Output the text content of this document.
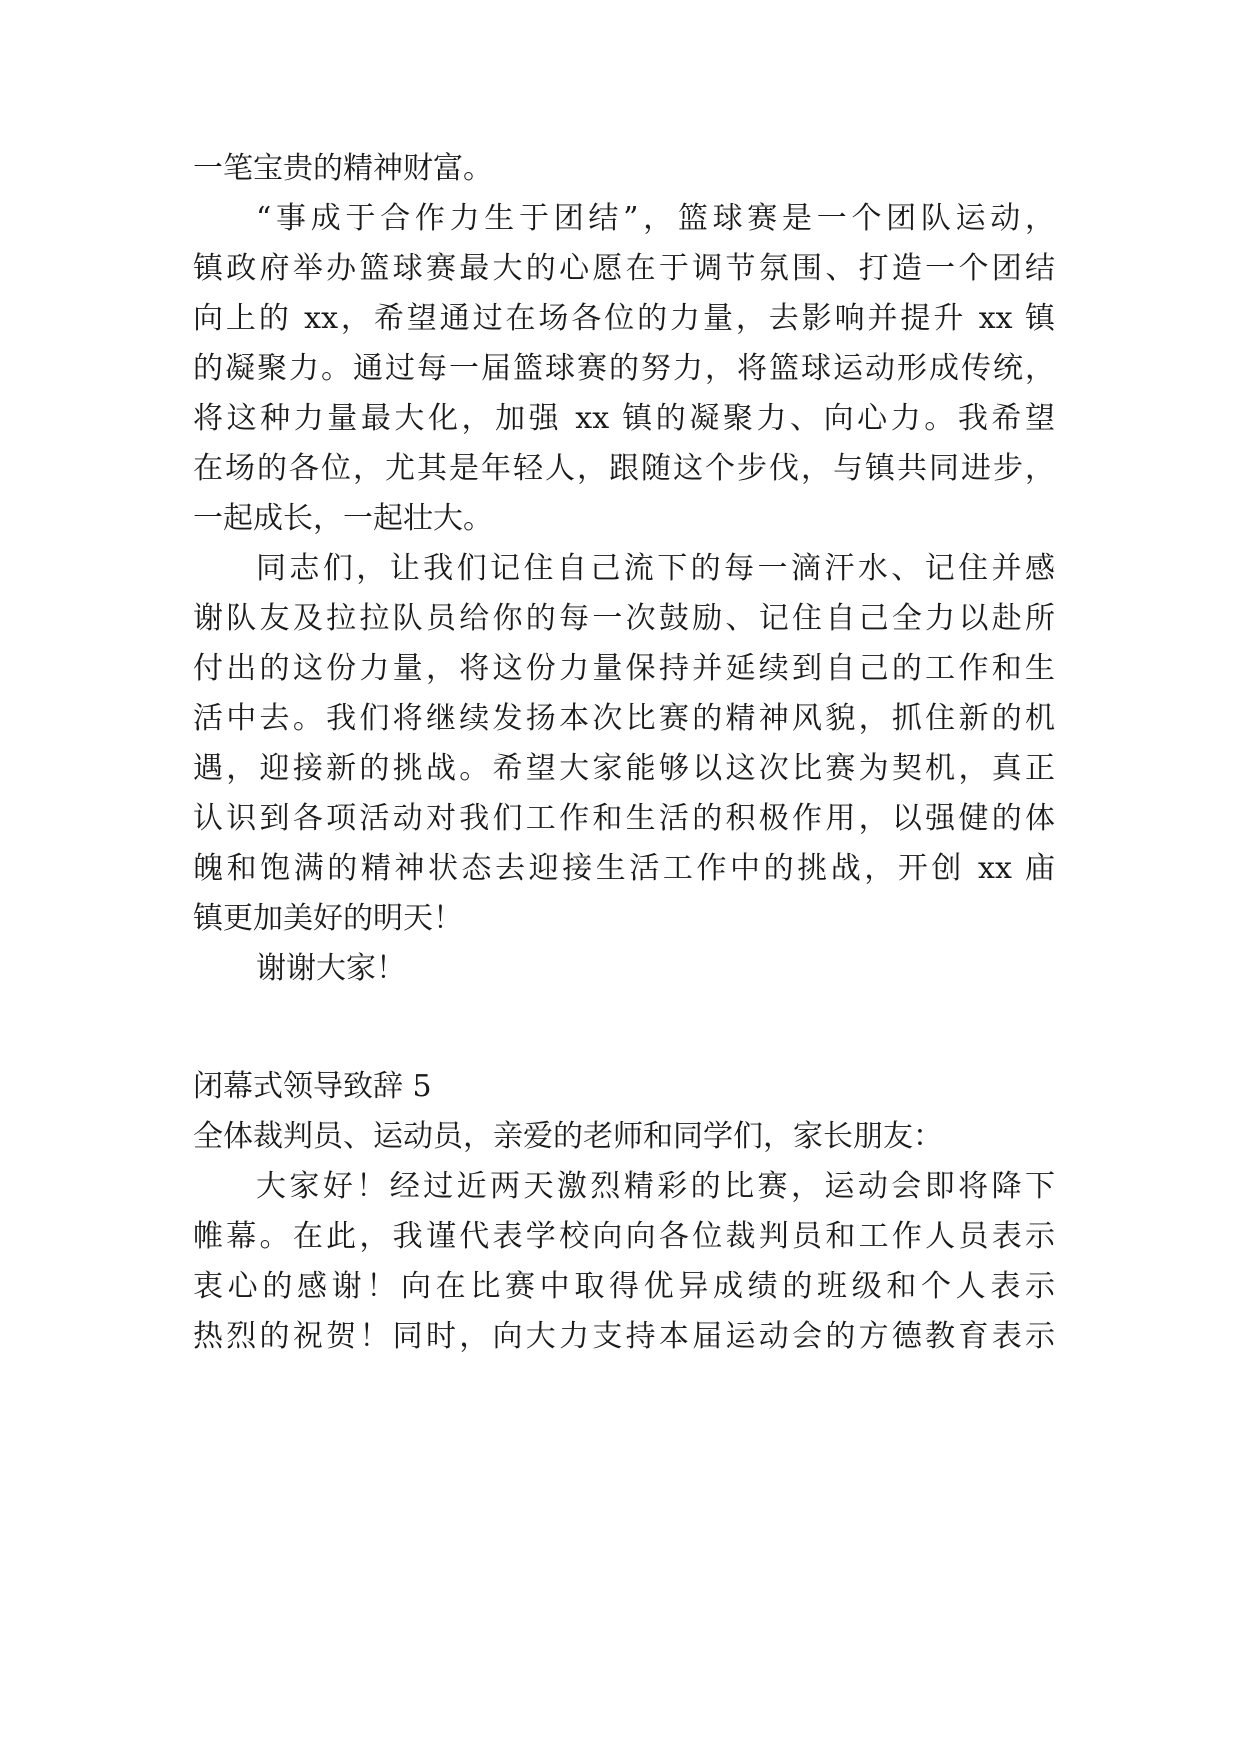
一笔宝贵的精神财富。

“事成于合作力生于团结”，篮球赛是一个团队运动，

镇政府举办篮球赛最大的心愿在于调节氛围、打造一个团结

向上的 xx，希望通过在场各位的力量，去影响并提升 xx 镇

的凝聚力。通过每一届篮球赛的努力，将篮球运动形成传统，

将这种力量最大化，加强 xx 镇的凝聚力、向心力。我希望

在场的各位，尤其是年轻人，跟随这个步伐，与镇共同进步，

一起成长，一起壮大。

同志们，让我们记住自己流下的每一滴汗水、记住并感

谢队友及拉拉队员给你的每一次鼓励、记住自己全力以赴所

付出的这份力量，将这份力量保持并延续到自己的工作和生

活中去。我们将继续发扬本次比赛的精神风貌，抓住新的机

遇，迎接新的挑战。希望大家能够以这次比赛为契机，真正

认识到各项活动对我们工作和生活的积极作用，以强健的体

魄和饱满的精神状态去迎接生活工作中的挑战，开创 xx 庙

镇更加美好的明天！

谢谢大家！

闭幕式领导致辞 5

全体裁判员、运动员，亲爱的老师和同学们，家长朋友：

大家好！经过近两天激烈精彩的比赛，运动会即将降下

帷幕。在此，我谨代表学校向向各位裁判员和工作人员表示

衷心的感谢！向在比赛中取得优异成绩的班级和个人表示

热烈的祝贺！同时，向大力支持本届运动会的方德教育表示
